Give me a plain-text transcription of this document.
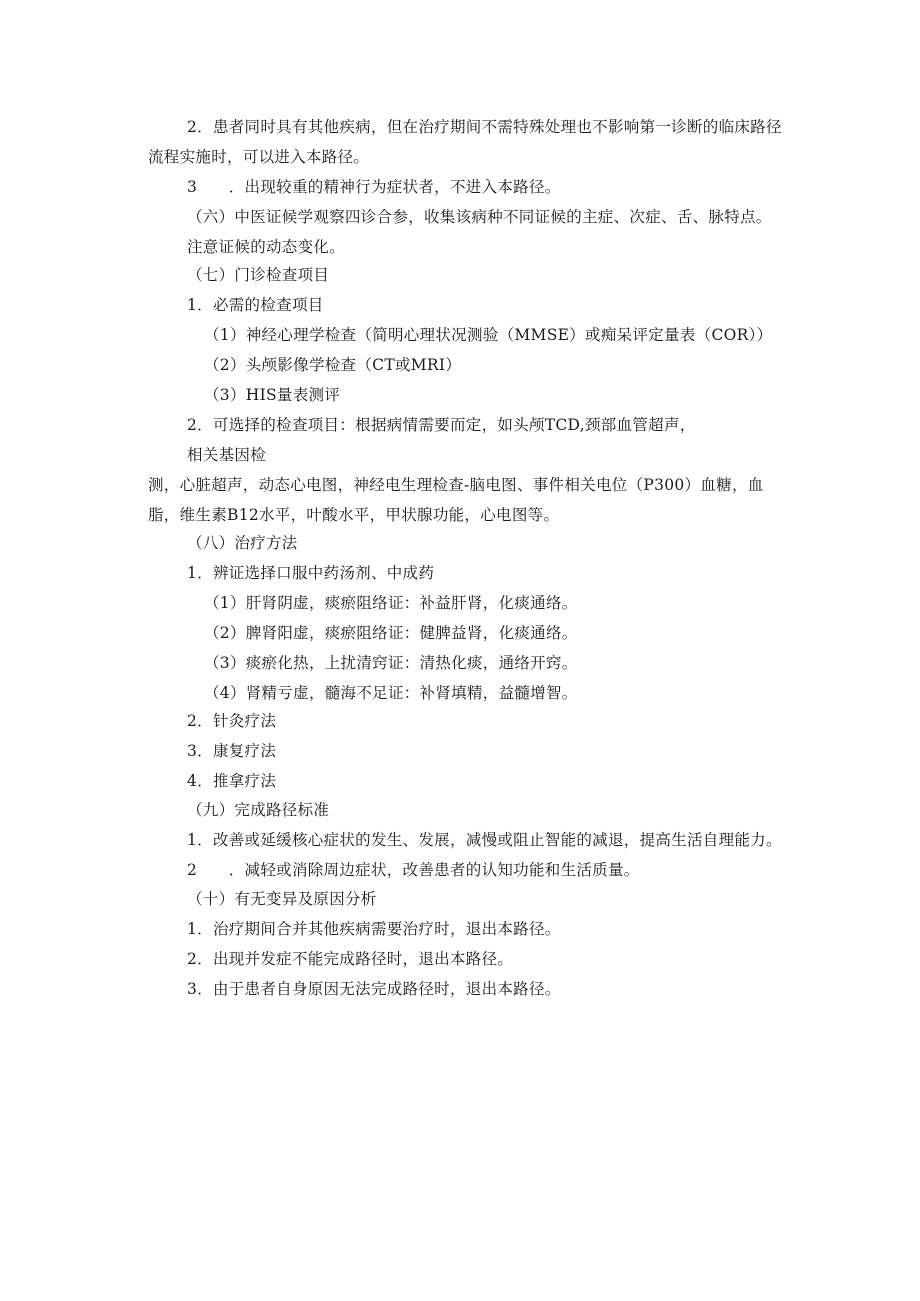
2．患者同时具有其他疾病，但在治疗期间不需特殊处理也不影响第一诊断的临床路径
流程实施时，可以进入本路径。
3　　．出现较重的精神行为症状者，不进入本路径。
（六）中医证候学观察四诊合参，收集该病种不同证候的主症、次症、舌、脉特点。
注意证候的动态变化。
（七）门诊检查项目
1．必需的检查项目
（1）神经心理学检查（简明心理状况测验（MMSE）或痴呆评定量表（COR））
（2）头颅影像学检查（CT或MRI）
（3）HIS量表测评
2．可选择的检查项目：根据病情需要而定，如头颅TCD,颈部血管超声，
相关基因检
测，心脏超声，动态心电图，神经电生理检查-脑电图、事件相关电位（P300）血糖，血
脂，维生素B12水平，叶酸水平，甲状腺功能，心电图等。
（八）治疗方法
1．辨证选择口服中药汤剂、中成药
（1）肝肾阴虚，痰瘀阻络证：补益肝肾，化痰通络。
（2）脾肾阳虚，痰瘀阻络证：健脾益肾，化痰通络。
（3）痰瘀化热，上扰清窍证：清热化痰，通络开窍。
（4）肾精亏虚，髓海不足证：补肾填精，益髓增智。
2．针灸疗法
3．康复疗法
4．推拿疗法
（九）完成路径标准
1．改善或延缓核心症状的发生、发展，减慢或阻止智能的减退，提高生活自理能力。
2　　．减轻或消除周边症状，改善患者的认知功能和生活质量。
（十）有无变异及原因分析
1．治疗期间合并其他疾病需要治疗时，退出本路径。
2．出现并发症不能完成路径时，退出本路径。
3．由于患者自身原因无法完成路径时，退出本路径。
